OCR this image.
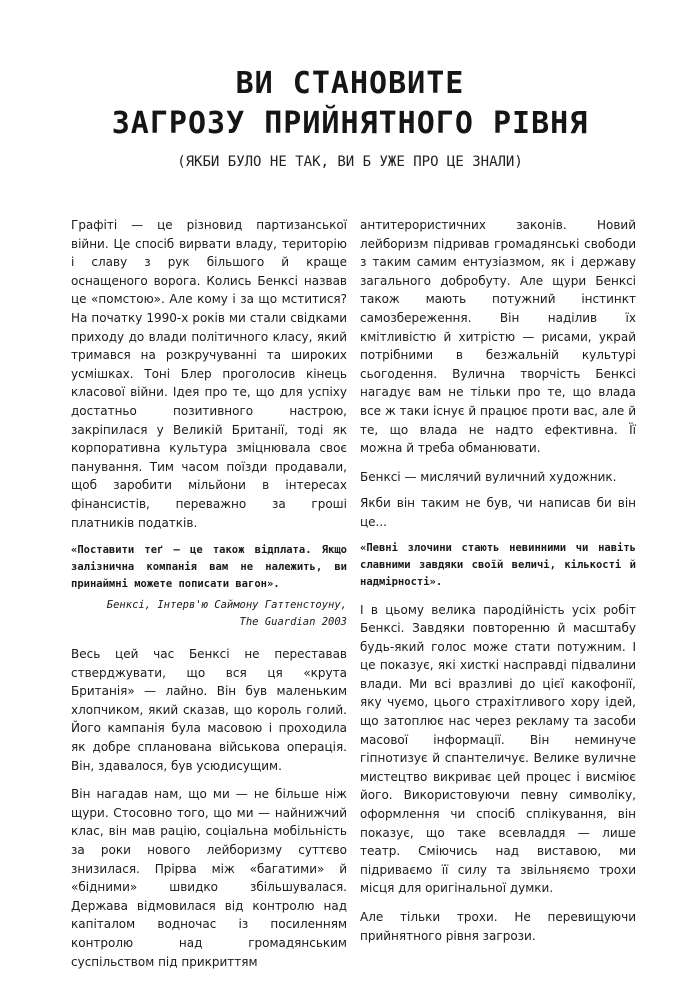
ВИ СТАНОВИТЕ
ЗАГРОЗУ ПРИЙНЯТНОГО РІВНЯ
(ЯКБИ БУЛО НЕ ТАК, ВИ Б УЖЕ ПРО ЦЕ ЗНАЛИ)

Графіті — це різновид партизанської війни. Це спосіб вирвати владу, територію і славу з рук більшого й краще оснащеного ворога. Колись Бенксі назвав це «помстою». Але кому і за що мститися? На початку 1990-х років ми стали свідками приходу до влади політичного класу, який тримався на розкручуванні та широких усмішках. Тоні Блер проголосив кінець класової війни. Ідея про те, що для успіху достатньо позитивного настрою, закріпилася у Великій Британії, тоді як корпоративна культура зміцнювала своє панування. Тим часом поїзди продавали, щоб заробити мільйони в інтересах фінансистів, переважно за гроші платників податків.

«Поставити теґ — це також відплата. Якщо залізнична компанія вам не належить, ви принаймні можете пописати вагон».
Бенксі, Інтерв'ю Саймону Гаттенстоуну,
The Guardian 2003

Весь цей час Бенксі не переставав стверджувати, що вся ця «крута Британія» — лайно. Він був маленьким хлопчиком, який сказав, що король голий. Його кампанія була масовою і проходила як добре спланована військова операція. Він, здавалося, був усюдисущим.

Він нагадав нам, що ми — не більше ніж щури. Стосовно того, що ми — найнижчий клас, він мав рацію, соціальна мобільність за роки нового лейборизму суттєво знизилася. Прірва між «багатими» й «бідними» швидко збільшувалася. Держава відмовилася від контролю над капіталом водночас із посиленням контролю над громадянським суспільством під прикриттям

антитерористичних законів. Новий лейборизм підривав громадянські свободи з таким самим ентузіазмом, як і державу загального добробуту. Але щури Бенксі також мають потужний інстинкт самозбереження. Він наділив їх кмітливістю й хитрістю — рисами, украй потрібними в безжальній культурі сьогодення. Вулична творчість Бенксі нагадує вам не тільки про те, що влада все ж таки існує й працює проти вас, але й те, що влада не надто ефективна. Її можна й треба обманювати.

Бенксі — мислячий вуличний художник.

Якби він таким не був, чи написав би він це...

«Певні злочини стають невинними чи навіть славними завдяки своїй величі, кількості й надмірності».

І в цьому велика пародійність усіх робіт Бенксі. Завдяки повторенню й масштабу будь-який голос може стати потужним. І це показує, які хисткі насправді підвалини влади. Ми всі вразливі до цієї какофонії, яку чуємо, цього страхітливого хору ідей, що затоплює нас через рекламу та засоби масової інформації. Він неминуче гіпнотизує й спантеличує. Велике вуличне мистецтво викриває цей процес і висміює його. Використовуючи певну символіку, оформлення чи спосіб сплікування, він показує, що таке всевладдя — лише театр. Сміючись над виставою, ми підриваємо її силу та звільняємо трохи місця для оригінальної думки.

Але тільки трохи. Не перевищуючи прийнятного рівня загрози.
